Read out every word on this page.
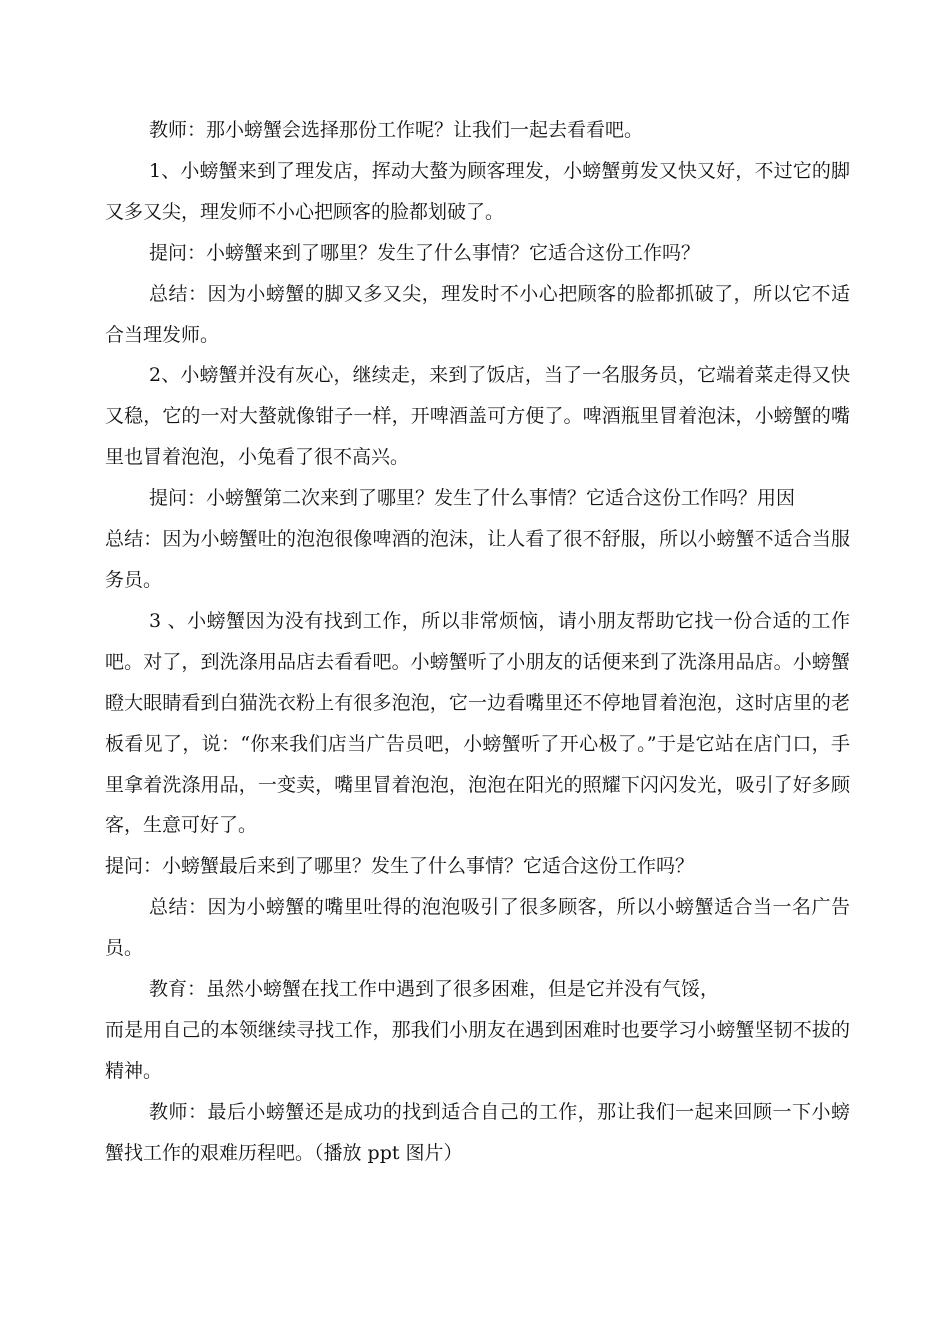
教师：那小螃蟹会选择那份工作呢？让我们一起去看看吧。

1、小螃蟹来到了理发店，挥动大螯为顾客理发，小螃蟹剪发又快又好，不过它的脚又多又尖，理发师不小心把顾客的脸都划破了。

提问：小螃蟹来到了哪里？发生了什么事情？它适合这份工作吗？

总结：因为小螃蟹的脚又多又尖，理发时不小心把顾客的脸都抓破了，所以它不适合当理发师。

2、小螃蟹并没有灰心，继续走，来到了饭店，当了一名服务员，它端着菜走得又快又稳，它的一对大螯就像钳子一样，开啤酒盖可方便了。啤酒瓶里冒着泡沫，小螃蟹的嘴里也冒着泡泡，小兔看了很不高兴。

提问：小螃蟹第二次来到了哪里？发生了什么事情？它适合这份工作吗？用因

总结：因为小螃蟹吐的泡泡很像啤酒的泡沫，让人看了很不舒服，所以小螃蟹不适合当服务员。

3 、小螃蟹因为没有找到工作，所以非常烦恼，请小朋友帮助它找一份合适的工作吧。对了，到洗涤用品店去看看吧。小螃蟹听了小朋友的话便来到了洗涤用品店。小螃蟹瞪大眼睛看到白猫洗衣粉上有很多泡泡，它一边看嘴里还不停地冒着泡泡，这时店里的老板看见了，说：“你来我们店当广告员吧，小螃蟹听了开心极了。”于是它站在店门口，手里拿着洗涤用品，一变卖，嘴里冒着泡泡，泡泡在阳光的照耀下闪闪发光，吸引了好多顾客，生意可好了。

提问：小螃蟹最后来到了哪里？发生了什么事情？它适合这份工作吗？

总结：因为小螃蟹的嘴里吐得的泡泡吸引了很多顾客，所以小螃蟹适合当一名广告员。

教育：虽然小螃蟹在找工作中遇到了很多困难，但是它并没有气馁，

而是用自己的本领继续寻找工作，那我们小朋友在遇到困难时也要学习小螃蟹坚韧不拔的精神。

教师：最后小螃蟹还是成功的找到适合自己的工作，那让我们一起来回顾一下小螃蟹找工作的艰难历程吧。（播放 ppt 图片）
